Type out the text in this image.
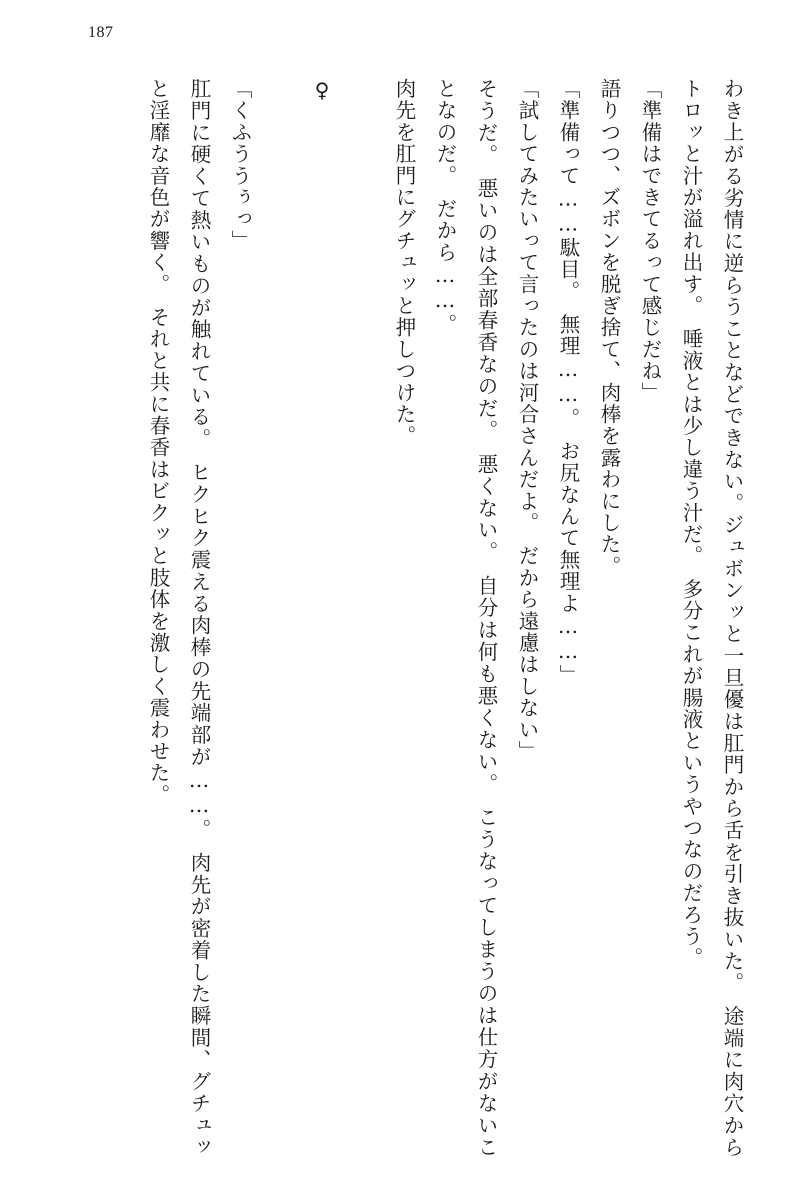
187

わき上がる劣情に逆らうことなどできない。ジュボンッと一旦優は肛門から舌を引き抜いた。　途端に肉穴からトロッと汁が溢れ出す。　唾液とは少し違う汁だ。　多分これが腸液というやつなのだろう。

「準備はできてるって感じだね」

語りつつ、ズボンを脱ぎ捨て、肉棒を露わにした。

「準備って……駄目。　無理……。　お尻なんて無理よ……」

「試してみたいって言ったのは河合さんだよ。　だから遠慮はしない」

そうだ。　悪いのは全部春香なのだ。　悪くない。　自分は何も悪くない。　こうなってしまうのは仕方がないことなのだ。　だから……。

肉先を肛門にグチュッと押しつけた。

♀

「くふううぅっ」

肛門に硬くて熱いものが触れている。　ヒクヒク震える肉棒の先端部が……。　肉先が密着した瞬間、グチュッと淫靡な音色が響く。　それと共に春香はビクッと肢体を激しく震わせた。
